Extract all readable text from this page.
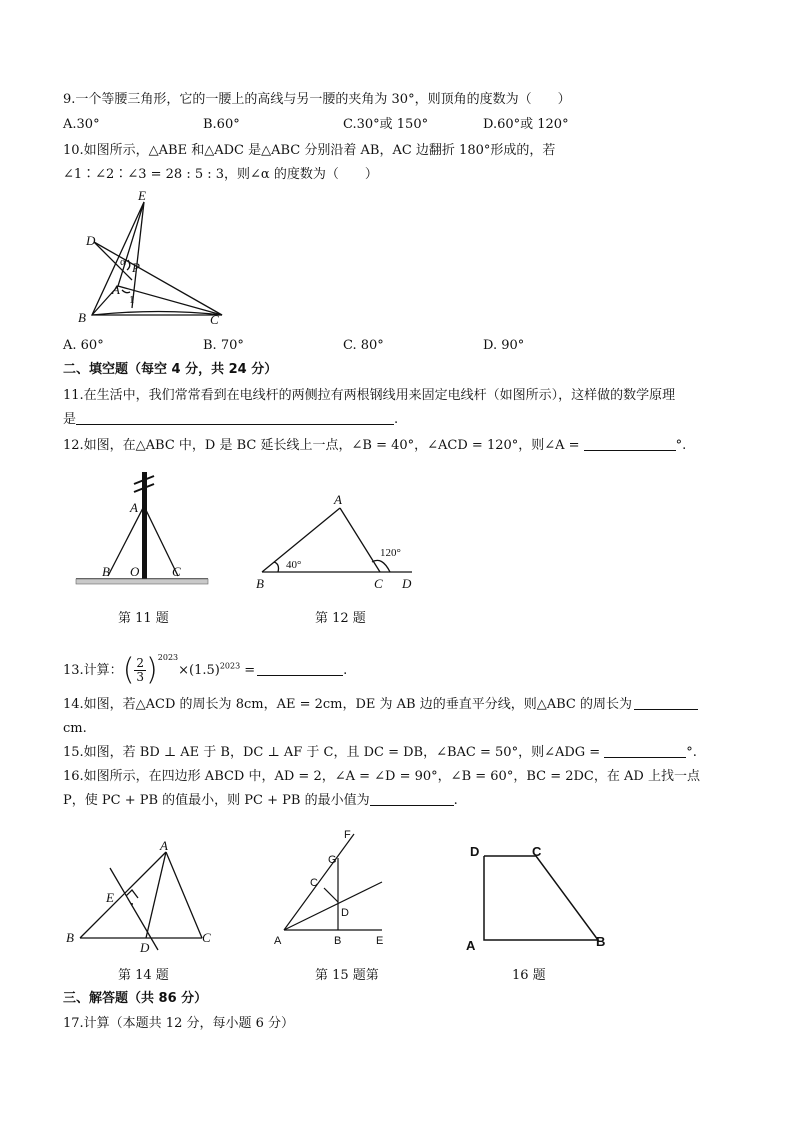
9.一个等腰三角形，它的一腰上的高线与另一腰的夹角为 30°，则顶角的度数为（　　）
A.30°	B.60°	C.30°或 150°	D.60°或 120°
10.如图所示，△ABE 和△ADC 是△ABC 分别沿着 AB，AC 边翻折 180°形成的，若
∠1∶∠2∶∠3 = 28 : 5 : 3，则∠α 的度数为（　　）
E
D
P
A
B	C
α
1
A. 60°	B. 70°	C. 80°	D. 90°
二、填空题（每空 4 分，共 24 分）
11.在生活中，我们常常看到在电线杆的两侧拉有两根钢线用来固定电线杆（如图所示），这样做的数学原理
是	.
12.如图，在△ABC 中，D 是 BC 延长线上一点，∠B = 40°，∠ACD = 120°，则∠A =	°.
A
B O	C
第 11 题
A
B	C D
40°
120°
第 12 题
13.计算：( $\frac{2}{3} )^{2023}\times(1.5)^{2023}$ =	.
14.如图，若△ACD 的周长为 8cm，AE = 2cm，DE 为 AB 边的垂直平分线，则△ABC 的周长为
cm.
15.如图，若 BD ⊥ AE 于 B，DC ⊥ AF 于 C，且 DC = DB，∠BAC = 50°，则∠ADG =	°.
16.如图所示，在四边形 ABCD 中，AD = 2，∠A = ∠D = 90°，∠B = 60°，BC = 2DC，在 AD 上找一点
P，使 PC + PB 的值最小，则 PC + PB 的最小值为	.
A
E
B
D
C
第 14 题
F
G
C
D
A	B	E
第 15 题第
D	C
A	B
16 题
三、解答题（共 86 分）
17.计算（本题共 12 分，每小题 6 分）
